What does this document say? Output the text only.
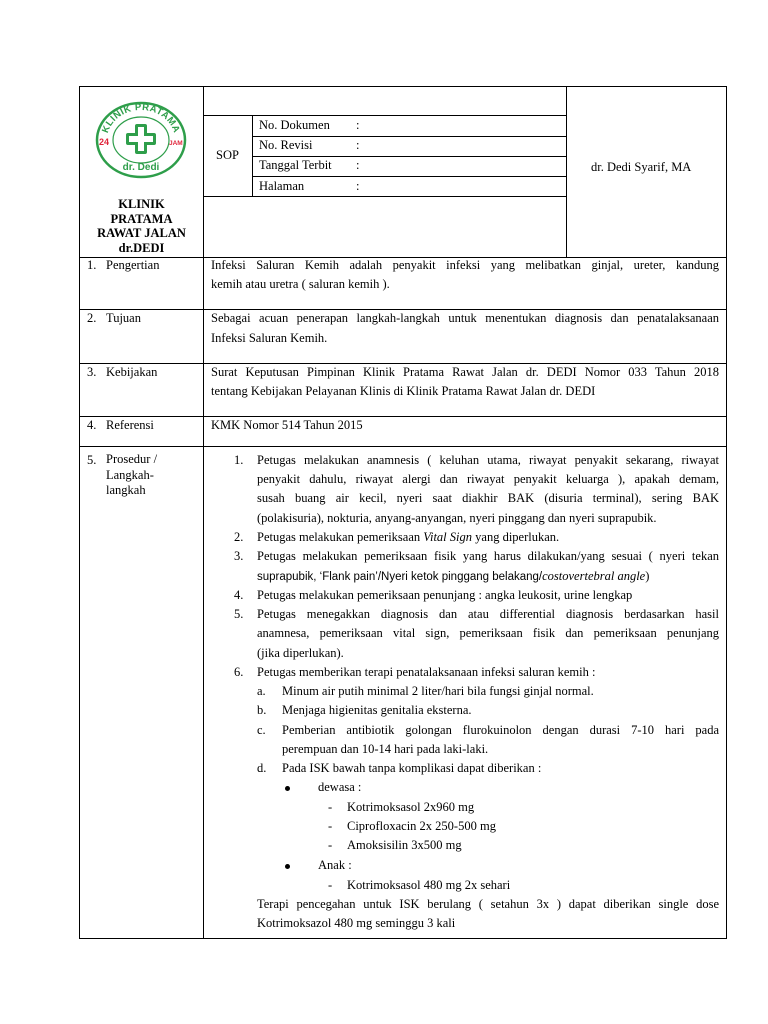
KLINIK PRATAMA
24	JAM
dr. Dedi
KLINIK
PRATAMA
RAWAT JALAN
dr.DEDI
SOP
No. Dokumen :
No. Revisi	:
Tanggal Terbit :
Halaman	:
dr. Dedi Syarif, MA
1. Pengertian	Infeksi Saluran Kemih adalah penyakit infeksi yang melibatkan ginjal, ureter, kandung
kemih atau uretra ( saluran kemih ).
2. Tujuan	Sebagai acuan penerapan langkah-langkah untuk menentukan diagnosis dan penatalaksanaan
Infeksi Saluran Kemih.
3. Kebijakan	Surat Keputusan Pimpinan Klinik Pratama Rawat Jalan dr. DEDI Nomor 033 Tahun 2018
tentang Kebijakan Pelayanan Klinis di Klinik Pratama Rawat Jalan dr. DEDI
4. Referensi	KMK Nomor 514 Tahun 2015
5. Prosedur /
Langkah-
langkah
1. Petugas melakukan anamnesis ( keluhan utama, riwayat penyakit sekarang, riwayat
penyakit dahulu, riwayat alergi dan riwayat penyakit keluarga ), apakah demam,
susah buang air kecil, nyeri saat diakhir BAK (disuria terminal), sering BAK
(polakisuria), nokturia, anyang-anyangan, nyeri pinggang dan nyeri suprapubik.
2. Petugas melakukan pemeriksaan Vital Sign yang diperlukan.
3. Petugas melakukan pemeriksaan fisik yang harus dilakukan/yang sesuai ( nyeri tekan
suprapubik, ‘Flank pain’/Nyeri ketok pinggang belakang/costovertebral angle)
4. Petugas melakukan pemeriksaan penunjang : angka leukosit, urine lengkap
5. Petugas menegakkan diagnosis dan atau differential diagnosis berdasarkan hasil
anamnesa, pemeriksaan vital sign, pemeriksaan fisik dan pemeriksaan penunjang
(jika diperlukan).
6. Petugas memberikan terapi penatalaksanaan infeksi saluran kemih :
a. Minum air putih minimal 2 liter/hari bila fungsi ginjal normal.
b. Menjaga higienitas genitalia eksterna.
c. Pemberian antibiotik golongan flurokuinolon dengan durasi 7-10 hari pada
perempuan dan 10-14 hari pada laki-laki.
d. Pada ISK bawah tanpa komplikasi dapat diberikan :
dewasa :
- Kotrimoksasol 2x960 mg
- Ciprofloxacin 2x 250-500 mg
- Amoksisilin 3x500 mg
Anak :
- Kotrimoksasol 480 mg 2x sehari
Terapi pencegahan untuk ISK berulang ( setahun 3x ) dapat diberikan single dose
Kotrimoksazol 480 mg seminggu 3 kali
